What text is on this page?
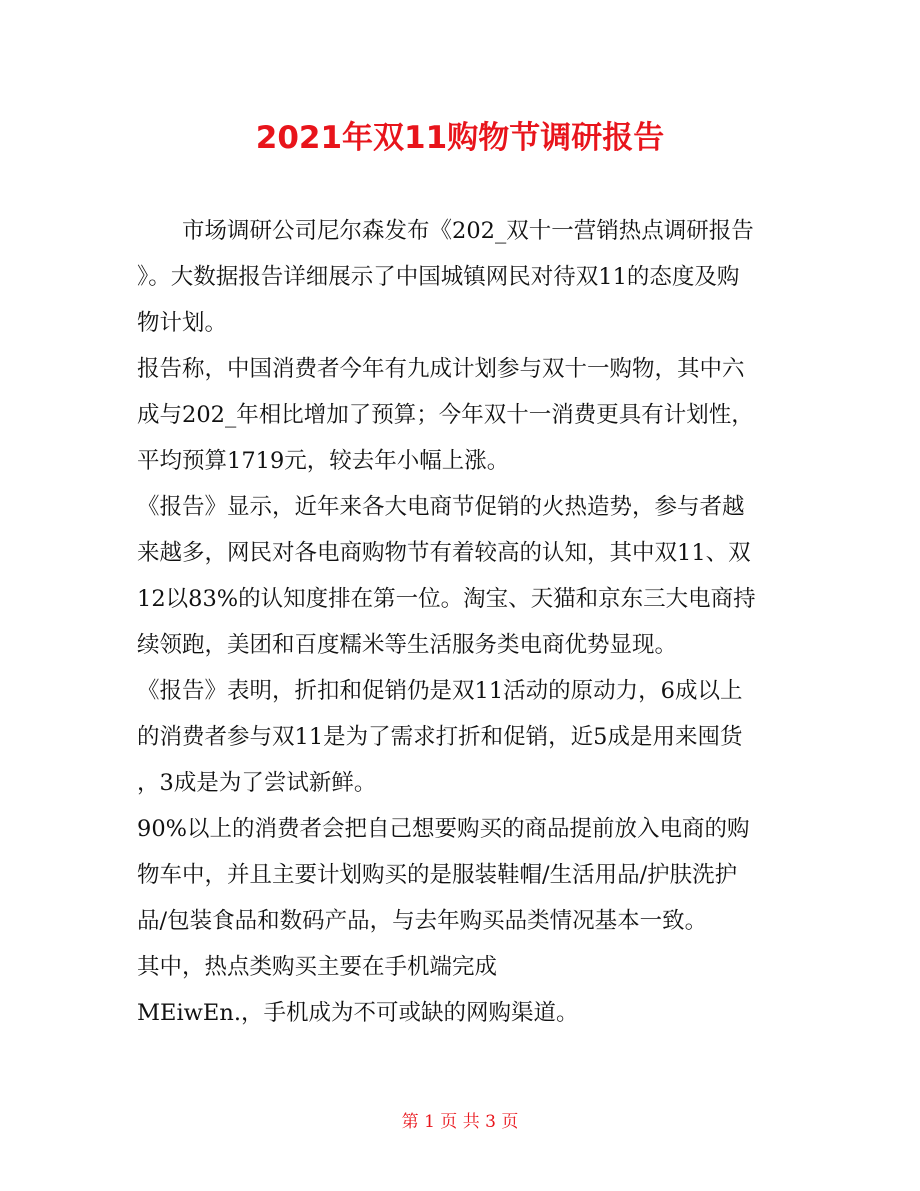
2021年双11购物节调研报告

　　市场调研公司尼尔森发布《202_双十一营销热点调研报告
》。大数据报告详细展示了中国城镇网民对待双11的态度及购
物计划。

报告称，中国消费者今年有九成计划参与双十一购物，其中六
成与202_年相比增加了预算；今年双十一消费更具有计划性，
平均预算1719元，较去年小幅上涨。

《报告》显示，近年来各大电商节促销的火热造势，参与者越
来越多，网民对各电商购物节有着较高的认知，其中双11、双
12以83%的认知度排在第一位。淘宝、天猫和京东三大电商持
续领跑，美团和百度糯米等生活服务类电商优势显现。

《报告》表明，折扣和促销仍是双11活动的原动力，6成以上
的消费者参与双11是为了需求打折和促销，近5成是用来囤货
，3成是为了尝试新鲜。

90%以上的消费者会把自己想要购买的商品提前放入电商的购
物车中，并且主要计划购买的是服装鞋帽/生活用品/护肤洗护
品/包装食品和数码产品，与去年购买品类情况基本一致。

其中，热点类购买主要在手机端完成

MEiwEn.，手机成为不可或缺的网购渠道。

第 1 页 共 3 页
